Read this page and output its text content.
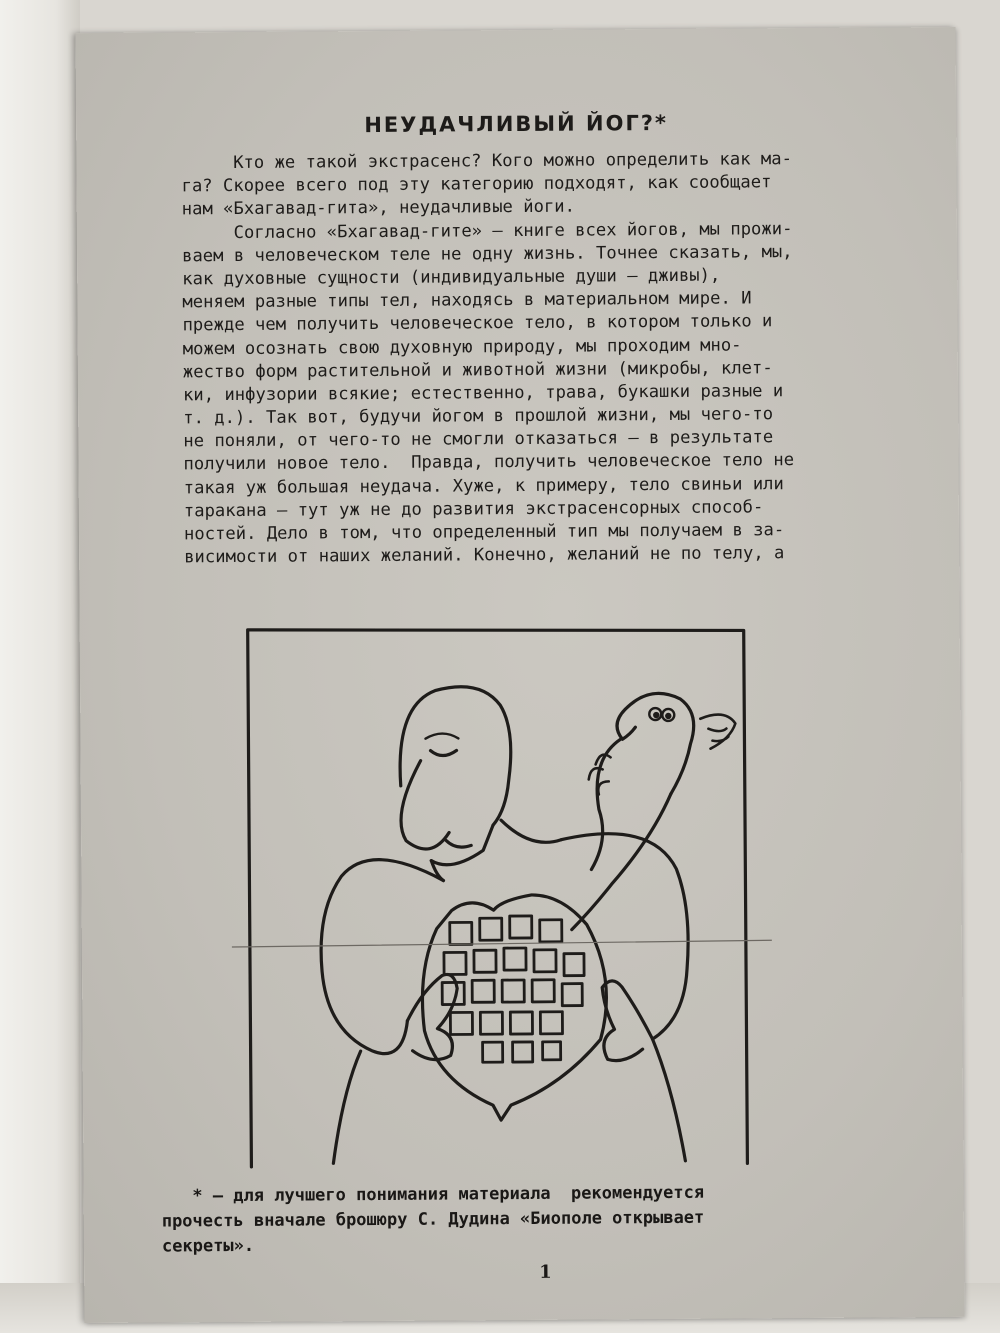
НЕУДАЧЛИВЫЙ ЙОГ?*
Кто же такой экстрасенс? Кого можно определить как ма-
га? Скорее всего под эту категорию подходят, как сообщает
нам «Бхагавад-гита», неудачливые йоги.
Согласно «Бхагавад-гите» — книге всех йогов, мы прожи-
ваем в человеческом теле не одну жизнь. Точнее сказать, мы,
как духовные сущности (индивидуальные души — дживы),
меняем разные типы тел, находясь в материальном мире. И
прежде чем получить человеческое тело, в котором только и
можем осознать свою духовную природу, мы проходим мно-
жество форм растительной и животной жизни (микробы, клет-
ки, инфузории всякие; естественно, трава, букашки разные и
т. д.). Так вот, будучи йогом в прошлой жизни, мы чего-то
не поняли, от чего-то не смогли отказаться — в результате
получили новое тело.  Правда, получить человеческое тело не
такая уж большая неудача. Хуже, к примеру, тело свиньи или
таракана — тут уж не до развития экстрасенсорных способ-
ностей. Дело в том, что определенный тип мы получаем в за-
висимости от наших желаний. Конечно, желаний не по телу, а
* — для лучшего понимания материала  рекомендуется
прочесть вначале брошюру С. Дудина «Биополе открывает
секреты».
1
